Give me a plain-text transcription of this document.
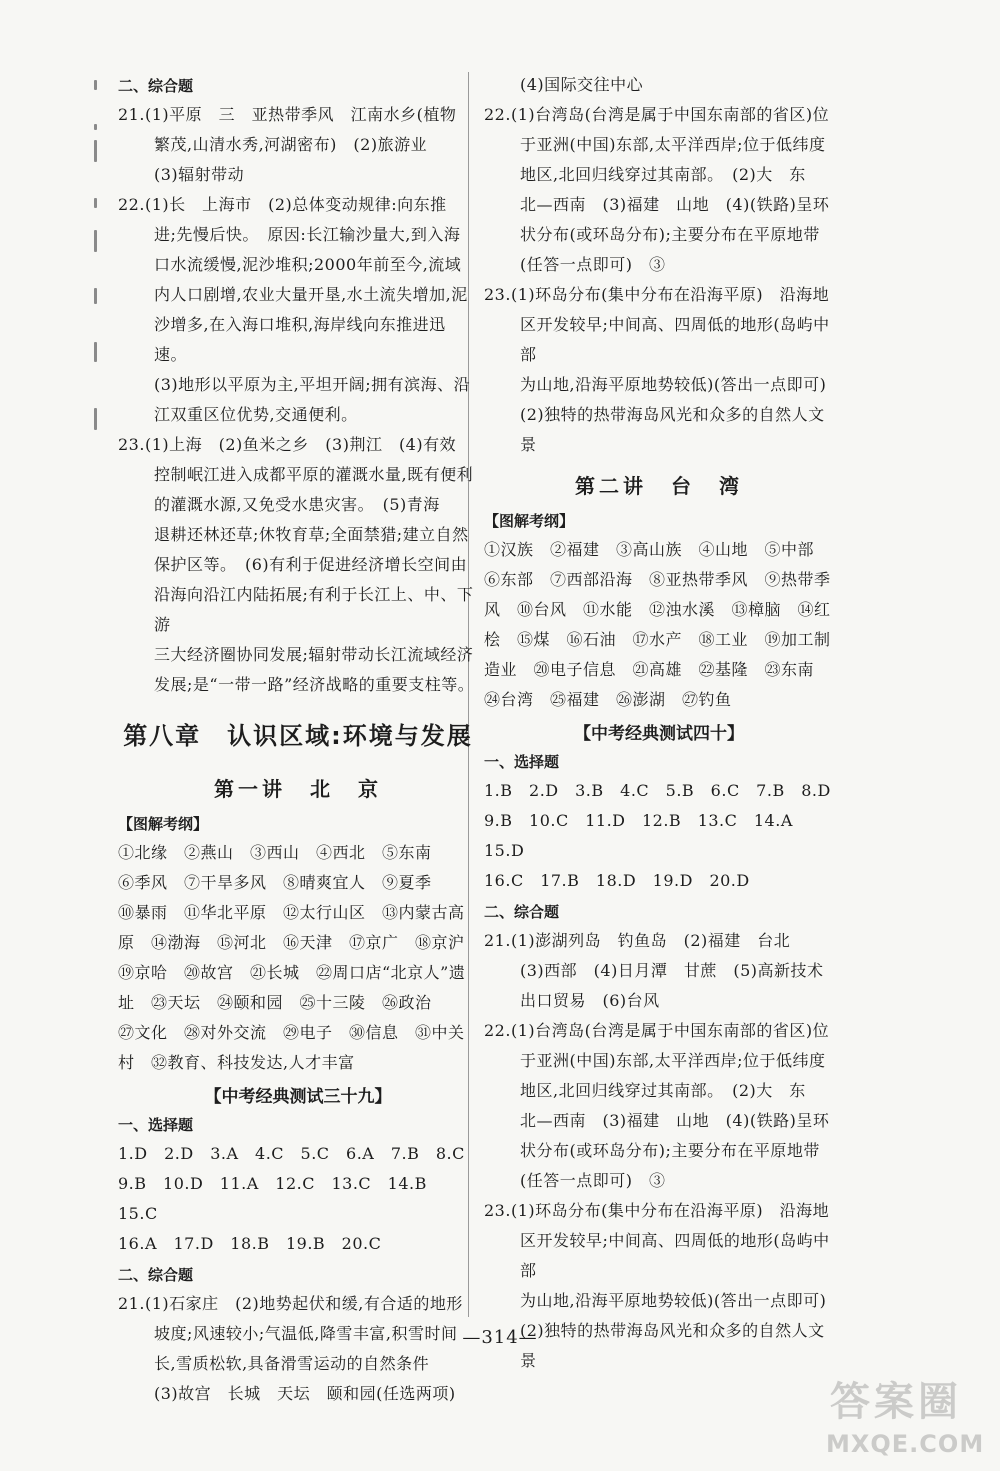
二、综合题

21.(1)平原　三　亚热带季风　江南水乡(植物

繁茂,山清水秀,河湖密布)　(2)旅游业

(3)辐射带动

22.(1)长　上海市　(2)总体变动规律:向东推

进;先慢后快。　原因:长江输沙量大,到入海

口水流缓慢,泥沙堆积;2000年前至今,流域

内人口剧增,农业大量开垦,水土流失增加,泥

沙增多,在入海口堆积,海岸线向东推进迅速。

(3)地形以平原为主,平坦开阔;拥有滨海、沿

江双重区位优势,交通便利。

23.(1)上海　(2)鱼米之乡　(3)荆江　(4)有效

控制岷江进入成都平原的灌溉水量,既有便利

的灌溉水源,又免受水患灾害。　(5)青海

退耕还林还草;休牧育草;全面禁猎;建立自然

保护区等。　(6)有利于促进经济增长空间由

沿海向沿江内陆拓展;有利于长江上、中、下游

三大经济圈协同发展;辐射带动长江流域经济

发展;是“一带一路”经济战略的重要支柱等。

第八章　认识区域:环境与发展
第一讲　北　京
【图解考纲】

①北缘　②燕山　③西山　④西北　⑤东南

⑥季风　⑦干旱多风　⑧晴爽宜人　⑨夏季

⑩暴雨　⑪华北平原　⑫太行山区　⑬内蒙古高

原　⑭渤海　⑮河北　⑯天津　⑰京广　⑱京沪

⑲京哈　⑳故宫　㉑长城　㉒周口店“北京人”遗

址　㉓天坛　㉔颐和园　㉕十三陵　㉖政治

㉗文化　㉘对外交流　㉙电子　㉚信息　㉛中关

村　㉜教育、科技发达,人才丰富

【中考经典测试三十九】
一、选择题

1.D　2.D　3.A　4.C　5.C　6.A　7.B　8.C

9.B　10.D　11.A　12.C　13.C　14.B　15.C

16.A　17.D　18.B　19.B　20.C

二、综合题

21.(1)石家庄　(2)地势起伏和缓,有合适的地形

坡度;风速较小;气温低,降雪丰富,积雪时间

长,雪质松软,具备滑雪运动的自然条件

(3)故宫　长城　天坛　颐和园(任选两项)

(4)国际交往中心

22.(1)台湾岛(台湾是属于中国东南部的省区)位

于亚洲(中国)东部,太平洋西岸;位于低纬度

地区,北回归线穿过其南部。　(2)大　东

北—西南　(3)福建　山地　(4)(铁路)呈环

状分布(或环岛分布);主要分布在平原地带

(任答一点即可)　③

23.(1)环岛分布(集中分布在沿海平原)　沿海地

区开发较早;中间高、四周低的地形(岛屿中部

为山地,沿海平原地势较低)(答出一点即可)

(2)独特的热带海岛风光和众多的自然人文景

第二讲　台　湾
【图解考纲】

①汉族　②福建　③高山族　④山地　⑤中部

⑥东部　⑦西部沿海　⑧亚热带季风　⑨热带季

风　⑩台风　⑪水能　⑫浊水溪　⑬樟脑　⑭红

桧　⑮煤　⑯石油　⑰水产　⑱工业　⑲加工制

造业　⑳电子信息　㉑高雄　㉒基隆　㉓东南

㉔台湾　㉕福建　㉖澎湖　㉗钓鱼

【中考经典测试四十】
一、选择题

1.B　2.D　3.B　4.C　5.B　6.C　7.B　8.D

9.B　10.C　11.D　12.B　13.C　14.A　15.D

16.C　17.B　18.D　19.D　20.D

二、综合题

21.(1)澎湖列岛　钓鱼岛　(2)福建　台北

(3)西部　(4)日月潭　甘蔗　(5)高新技术

出口贸易　(6)台风

22.(1)台湾岛(台湾是属于中国东南部的省区)位

于亚洲(中国)东部,太平洋西岸;位于低纬度

地区,北回归线穿过其南部。　(2)大　东

北—西南　(3)福建　山地　(4)(铁路)呈环

状分布(或环岛分布);主要分布在平原地带

(任答一点即可)　③

23.(1)环岛分布(集中分布在沿海平原)　沿海地

区开发较早;中间高、四周低的地形(岛屿中部

为山地,沿海平原地势较低)(答出一点即可)

(2)独特的热带海岛风光和众多的自然人文景

—314—
答案圈
MXQE.COM
